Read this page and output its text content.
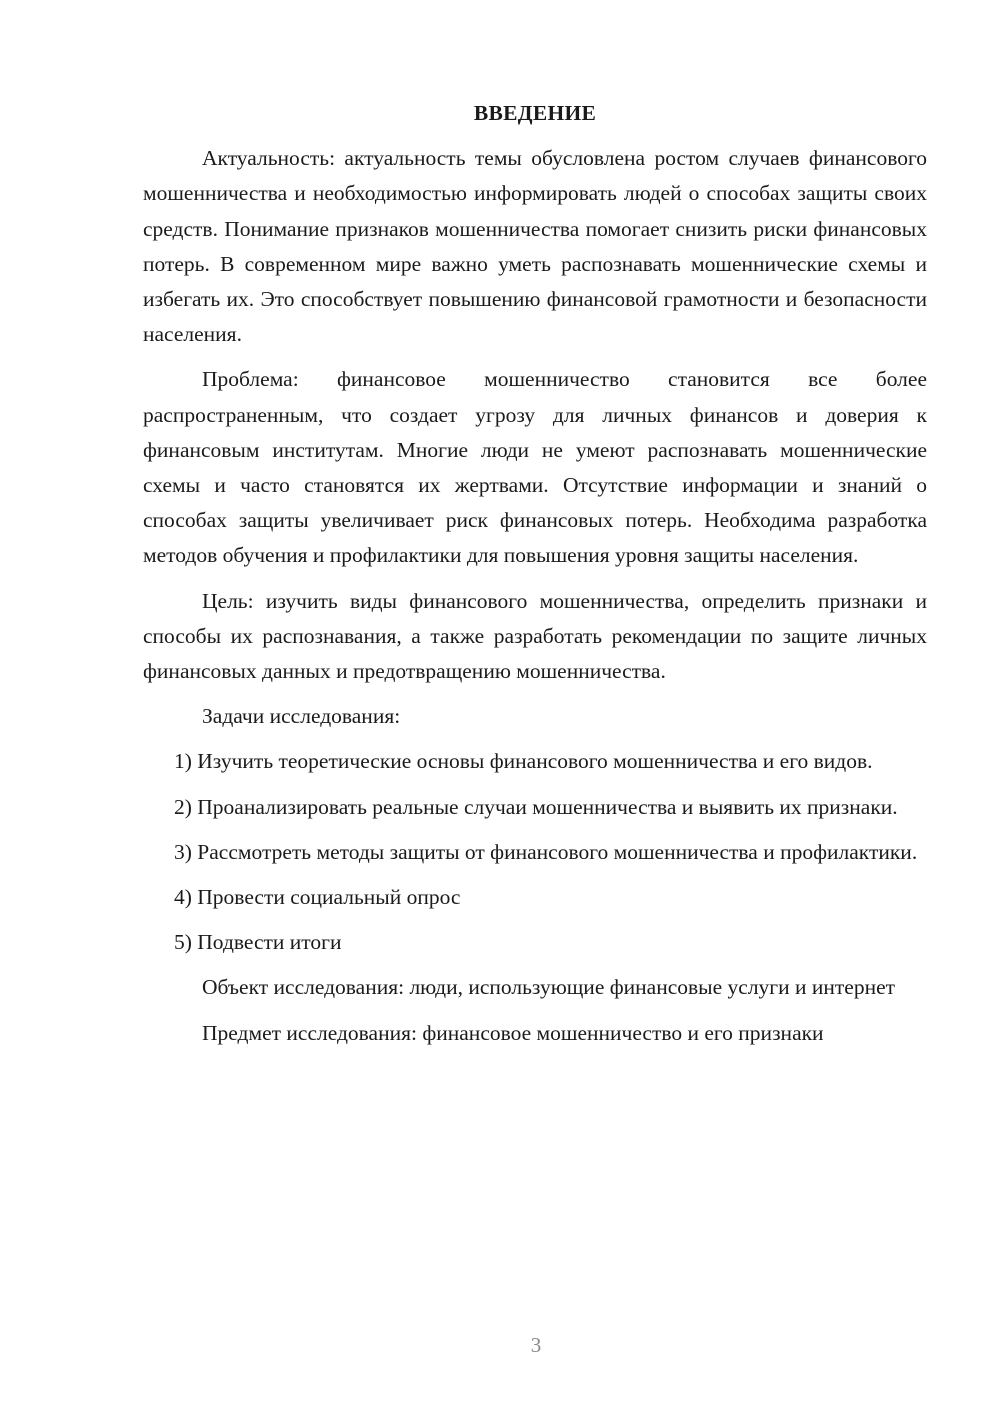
ВВЕДЕНИЕ

Актуальность: актуальность темы обусловлена ростом случаев финансового мошенничества и необходимостью информировать людей о способах защиты своих средств. Понимание признаков мошенничества помогает снизить риски финансовых потерь. В современном мире важно уметь распознавать мошеннические схемы и избегать их. Это способствует повышению финансовой грамотности и безопасности населения.

Проблема: финансовое мошенничество становится все более распространенным, что создает угрозу для личных финансов и доверия к финансовым институтам. Многие люди не умеют распознавать мошеннические схемы и часто становятся их жертвами. Отсутствие информации и знаний о способах защиты увеличивает риск финансовых потерь. Необходима разработка методов обучения и профилактики для повышения уровня защиты населения.

Цель: изучить виды финансового мошенничества, определить признаки и способы их распознавания, а также разработать рекомендации по защите личных финансовых данных и предотвращению мошенничества.

Задачи исследования:

1) Изучить теоретические основы финансового мошенничества и его видов.

2) Проанализировать реальные случаи мошенничества и выявить их признаки.

3) Рассмотреть методы защиты от финансового мошенничества и профилактики.

4) Провести социальный опрос

5) Подвести итоги

Объект исследования: люди, использующие финансовые услуги и интернет

Предмет исследования: финансовое мошенничество и его признаки

3
